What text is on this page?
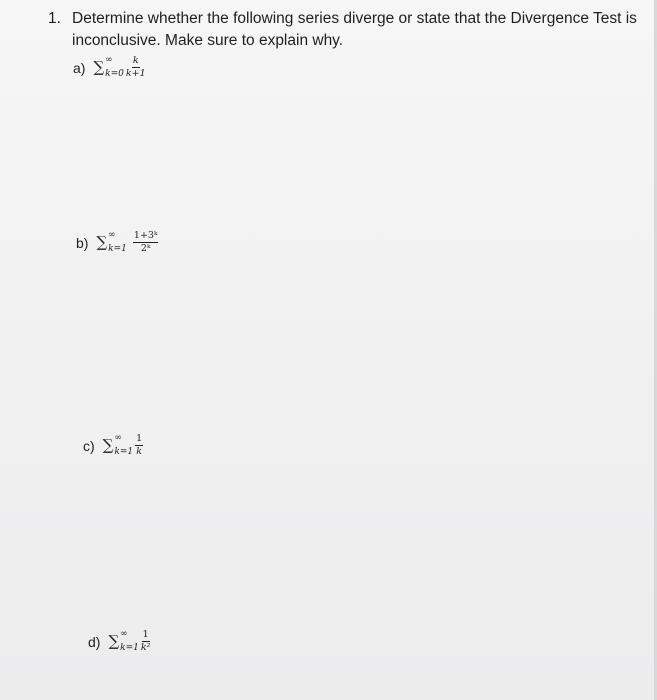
1. Determine whether the following series diverge or state that the Divergence Test is inconclusive. Make sure to explain why.
a) ∑ ∞
$k=0 \frac{k}{k+1}$
b) ∑ ∞
$k=1 \frac{\text{1+3ᵏ}}{\text{2ᵏ}}$
c) ∑ ∞
$k=1 \frac{1}{k}$
d) ∑ ∞
$k=1 \frac{1}{\text{k²}}$
